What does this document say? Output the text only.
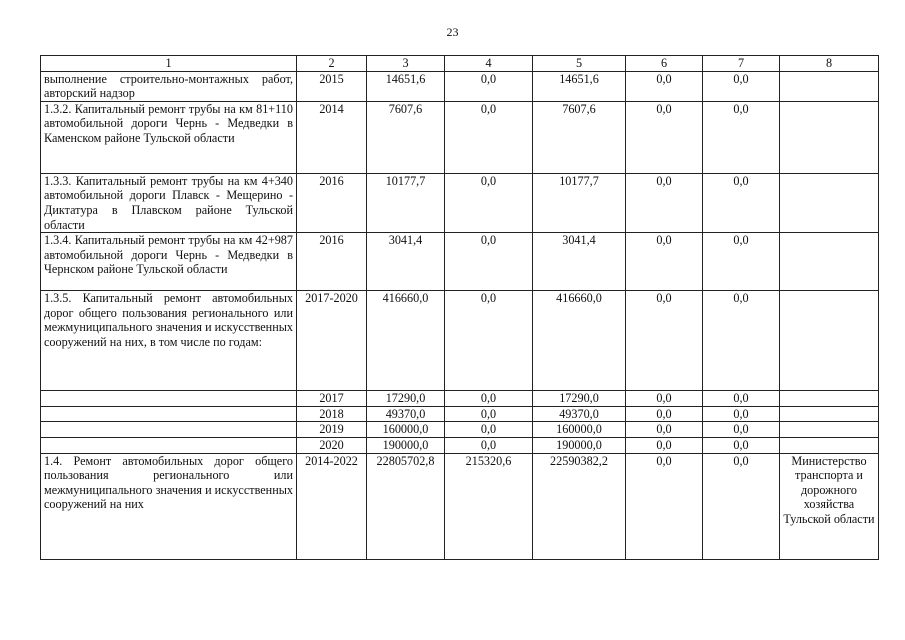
23
1	2	3	4	5	6	7	8
выполнение строительно-монтажных работ, авторский надзор	2015	14651,6	0,0	14651,6	0,0	0,0	
1.3.2. Капитальный ремонт трубы на км 81+110 автомобильной дороги Чернь - Медведки в Каменском районе Тульской области	2014	7607,6	0,0	7607,6	0,0	0,0	
1.3.3. Капитальный ремонт трубы на км 4+340 автомобильной дороги Плавск - Мещерино - Диктатура в Плавском районе Тульской области	2016	10177,7	0,0	10177,7	0,0	0,0	
1.3.4. Капитальный ремонт трубы на км 42+987 автомобильной дороги Чернь - Медведки в Чернском районе Тульской области	2016	3041,4	0,0	3041,4	0,0	0,0	
1.3.5. Капитальный ремонт автомобильных дорог общего пользования регионального или межмуниципального значения и искусственных сооружений на них, в том числе по годам:	2017-2020	416660,0	0,0	416660,0	0,0	0,0	
	2017	17290,0	0,0	17290,0	0,0	0,0	
	2018	49370,0	0,0	49370,0	0,0	0,0	
	2019	160000,0	0,0	160000,0	0,0	0,0	
	2020	190000,0	0,0	190000,0	0,0	0,0	
1.4. Ремонт автомобильных дорог общего пользования регионального или межмуниципального значения и искусственных сооружений на них	2014-2022	22805702,8	215320,6	22590382,2	0,0	0,0	Министерство транспорта и дорожного хозяйства Тульской области
